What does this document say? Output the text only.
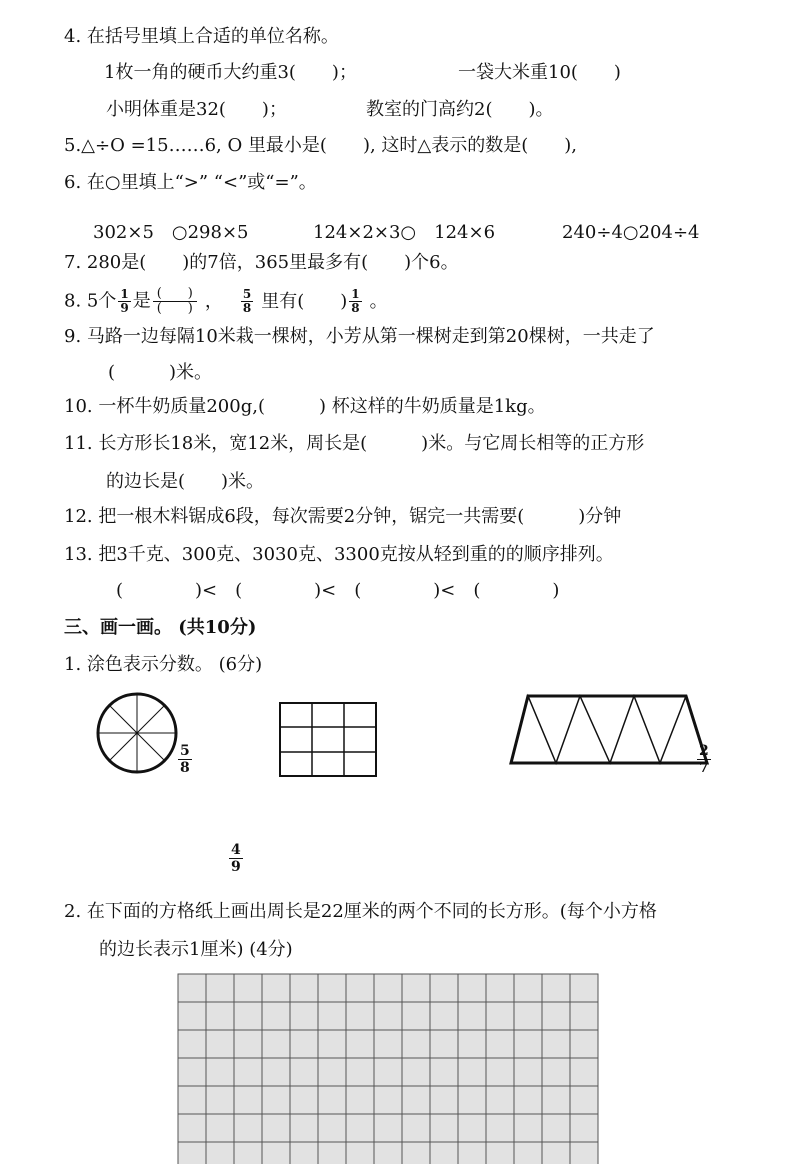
4. 在括号里填上合适的单位名称。
1枚一角的硬币大约重3(　　)；	一袋大米重10(　　)
小明体重是32(　　)；	教室的门高约2(　　)。
5.△÷O =15……6, O 里最小是(　　), 这时△表示的数是(　　),
6. 在○里填上“>” “<”或“=”。
302×5　○298×5	124×2×3○　124×6	240÷4○204÷4
7. 280是(　　)的7倍，365里最多有(　　)个6。
8. 5个 $\frac{1}{9}$ 是 $\frac{( )}{( )}$ ， $\frac{5}{8}$ 里有(　　) $\frac{1}{8}$ 。
9. 马路一边每隔10米栽一棵树，小芳从第一棵树走到第20棵树，一共走了
(　　　)米。
10. 一杯牛奶质量200g,(　　　) 杯这样的牛奶质量是1kg。
11. 长方形长18米，宽12米，周长是(　　　)米。与它周长相等的正方形
的边长是(　　)米。
12. 把一根木料锯成6段，每次需要2分钟，锯完一共需要(　　　)分钟
13. 把3千克、300克、3030克、3300克按从轻到重的的顺序排列。
(　　　　)<　(　　　　)<　(　　　　)<　(　　　　)
三、画一画。 (共10分)
1. 涂色表示分数。 (6分)
$\frac{5}{8}$
$\frac{4}{9}$
$\frac{2}{7}$
2. 在下面的方格纸上画出周长是22厘米的两个不同的长方形。(每个小方格
的边长表示1厘米) (4分)
